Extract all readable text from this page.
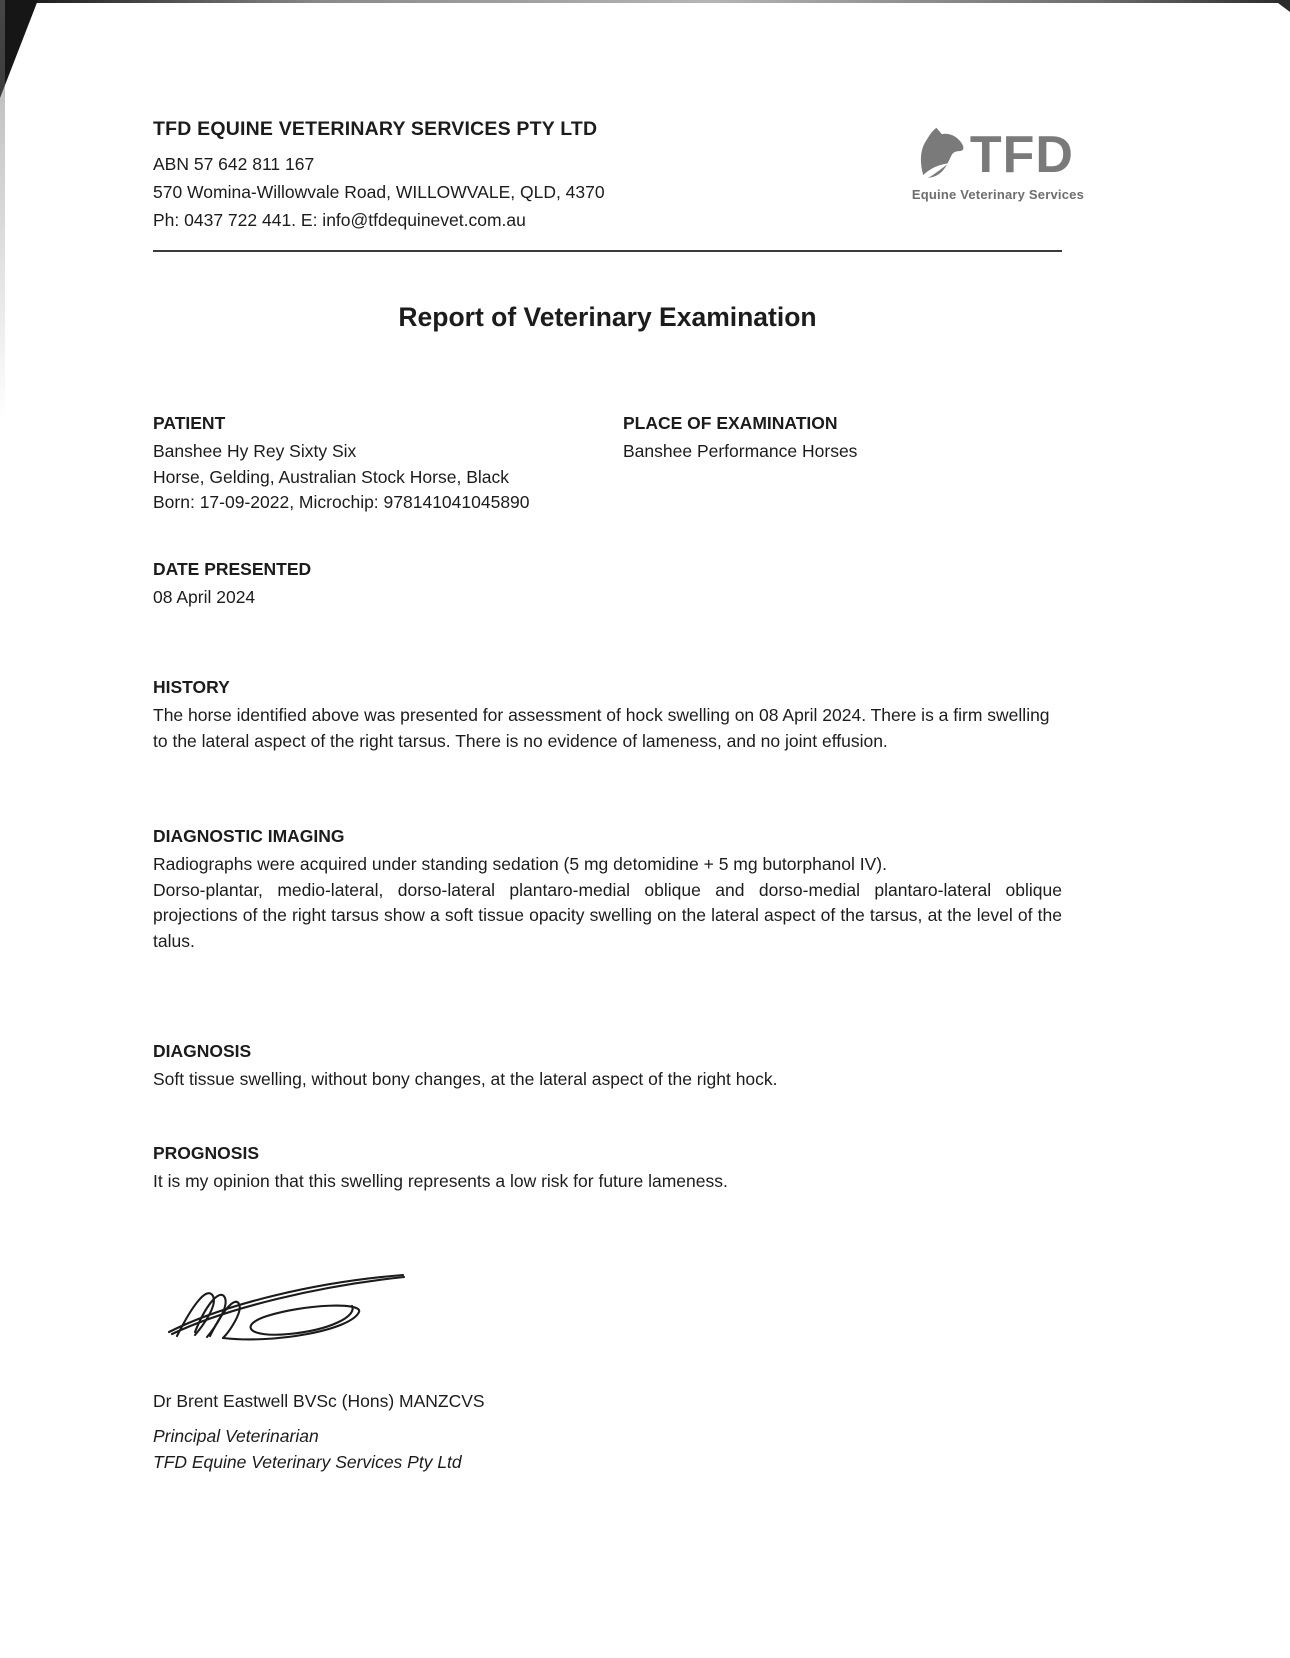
TFD EQUINE VETERINARY SERVICES PTY LTD
ABN 57 642 811 167
570 Womina-Willowvale Road, WILLOWVALE, QLD, 4370
Ph: 0437 722 441. E: info@tfdequinevet.com.au
TFD
Equine Veterinary Services
Report of Veterinary Examination

PATIENT

Banshee Hy Rey Sixty Six

Horse, Gelding, Australian Stock Horse, Black

Born: 17-09-2022, Microchip: 978141041045890

PLACE OF EXAMINATION

Banshee Performance Horses

DATE PRESENTED

08 April 2024

HISTORY

The horse identified above was presented for assessment of hock swelling on 08 April 2024. There is a firm swelling to the lateral aspect of the right tarsus. There is no evidence of lameness, and no joint effusion.

DIAGNOSTIC IMAGING

Radiographs were acquired under standing sedation (5 mg detomidine + 5 mg butorphanol IV).

Dorso-plantar, medio-lateral, dorso-lateral plantaro-medial oblique and dorso-medial plantaro-lateral oblique projections of the right tarsus show a soft tissue opacity swelling on the lateral aspect of the tarsus, at the level of the talus.

DIAGNOSIS

Soft tissue swelling, without bony changes, at the lateral aspect of the right hock.

PROGNOSIS

It is my opinion that this swelling represents a low risk for future lameness.

Dr Brent Eastwell BVSc (Hons) MANZCVS

Principal Veterinarian

TFD Equine Veterinary Services Pty Ltd
